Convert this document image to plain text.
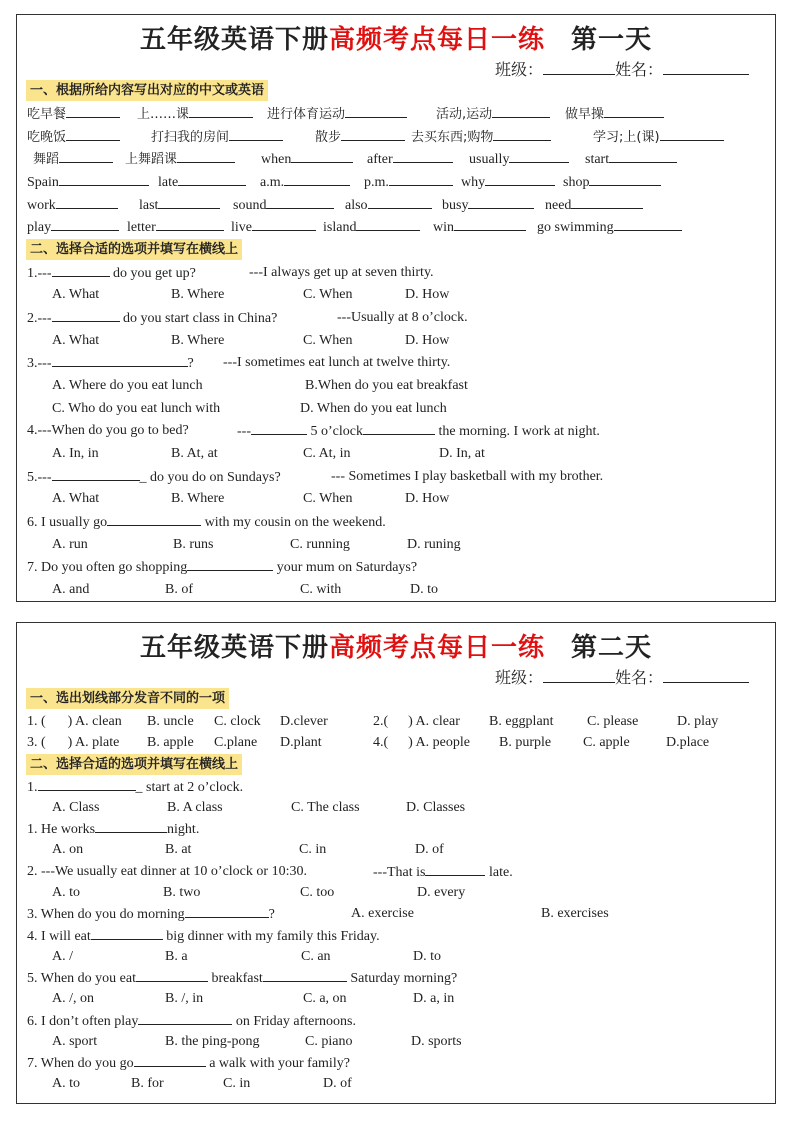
五年级英语下册高频考点每日一练 第一天
班级：	姓名：
一、根据所给内容写出对应的中文或英语
吃早餐	上……课	进行体育运动	活动,运动	做早操
吃晚饭	打扫我的房间	散步	去买东西;购物	学习;上(课)
舞蹈	上舞蹈课	when	after	usually	start
Spain	late	a.m.	p.m.	why	shop
work	last	sound	also	busy	need
play	letter	live	island	win	go swimming
二、选择合适的选项并填写在横线上
1.---	do you get up?	---I always get up at seven thirty.
A. What	B. Where	C. When	D. How
2.---	do you start class in China?	---Usually at 8 o’clock.
A. What	B. Where	C. When	D. How
3.---	? ---I sometimes eat lunch at twelve thirty.
A. Where do you eat lunch	B.When do you eat breakfast
C. Who do you eat lunch with	D. When do you eat lunch
4.---When do you go to bed?	---	5 o’clock	the morning. I work at night.
A. In, in	B. At, at	C. At, in	D. In, at
5.---	_ do you do on Sundays?	--- Sometimes I play basketball with my brother.
A. What	B. Where	C. When	D. How
6. I usually go	with my cousin on the weekend.
A. run	B. runs	C. running	D. runing
7. Do you often go shopping	your mum on Saturdays?
A. and	B. of	C. with	D. to
五年级英语下册高频考点每日一练 第二天
班级：	姓名：
一、选出划线部分发音不同的一项
1. ( ) A. clean B. uncle C. clock D.clever	2.( ) A. clear B. eggplant C. please	D. play
3. ( ) A. plate B. apple C.plane D.plant	4.( ) A. people B. purple C. apple	D.place
二、选择合适的选项并填写在横线上
1.	_ start at 2 o’clock.
A. Class	B. A class	C. The class	D. Classes
1. He works	night.
A. on	B. at	C. in	D. of
2. ---We usually eat dinner at 10 o’clock or 10:30.	---That is	late.
A. to	B. two	C. too	D. every
3. When do you do morning	?	A. exercise	B. exercises
4. I will eat	big dinner with my family this Friday.
A. /	B. a	C. an	D. to
5. When do you eat	breakfast	Saturday morning?
A. /, on	B. /, in	C. a, on	D. a, in
6. I don’t often play	on Friday afternoons.
A. sport	B. the ping-pong	C. piano	D. sports
7. When do you go	a walk with your family?
A. to	B. for	C. in	D. of
